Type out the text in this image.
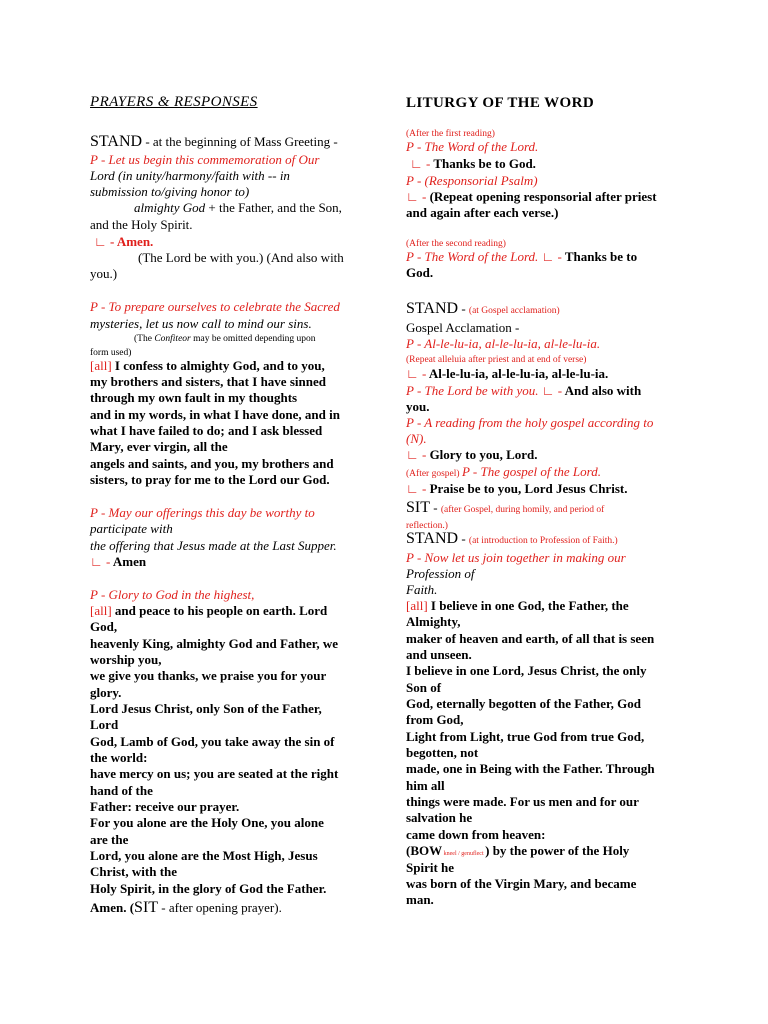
PRAYERS & RESPONSES
STAND - at the beginning of Mass Greeting -
P - Let us begin this commemoration of Our
Lord (in unity/harmony/faith with -- in
submission to/giving honor to)
almighty God + the Father, and the Son,
and the Holy Spirit.
∟ - Amen.
(The Lord be with you.) (And also with
you.)
P - To prepare ourselves to celebrate the Sacred
mysteries, let us now call to mind our sins.
(The Confiteor may be omitted depending upon
form used)
[all] I confess to almighty God, and to you,
my brothers and sisters, that I have sinned
through my own fault in my thoughts
and in my words, in what I have done, and in
what I have failed to do; and I ask blessed
Mary, ever virgin, all the
angels and saints, and you, my brothers and
sisters, to pray for me to the Lord our God.
P - May our offerings this day be worthy to
participate with
the offering that Jesus made at the Last Supper.
∟ - Amen
P - Glory to God in the highest,
[all] and peace to his people on earth. Lord
God,
heavenly King, almighty God and Father, we
worship you,
we give you thanks, we praise you for your
glory.
Lord Jesus Christ, only Son of the Father,
Lord
God, Lamb of God, you take away the sin of
the world:
have mercy on us; you are seated at the right
hand of the
Father: receive our prayer.
For you alone are the Holy One, you alone
are the
Lord, you alone are the Most High, Jesus
Christ, with the
Holy Spirit, in the glory of God the Father.
Amen. (SIT - after opening prayer).
LITURGY OF THE WORD
(After the first reading)
P - The Word of the Lord.
∟ - Thanks be to God.
P - (Responsorial Psalm)
∟ - (Repeat opening responsorial after priest
and again after each verse.)
(After the second reading)
P - The Word of the Lord. ∟ - Thanks be to
God.
STAND - (at Gospel acclamation)
Gospel Acclamation -
P - Al-le-lu-ia, al-le-lu-ia, al-le-lu-ia.
(Repeat alleluia after priest and at end of verse)
∟ - Al-le-lu-ia, al-le-lu-ia, al-le-lu-ia.
P - The Lord be with you. ∟ - And also with
you.
P - A reading from the holy gospel according to
(N).
∟ - Glory to you, Lord.
(After gospel) P - The gospel of the Lord.
∟ - Praise be to you, Lord Jesus Christ.
SIT - (after Gospel, during homily, and period of
reflection.)
STAND - (at introduction to Profession of Faith.)
P - Now let us join together in making our
Profession of
Faith.
[all] I believe in one God, the Father, the
Almighty,
maker of heaven and earth, of all that is seen
and unseen.
I believe in one Lord, Jesus Christ, the only
Son of
God, eternally begotten of the Father, God
from God,
Light from Light, true God from true God,
begotten, not
made, one in Being with the Father. Through
him all
things were made. For us men and for our
salvation he
came down from heaven:
(BOW kneel / genuflect ) by the power of the Holy
Spirit he
was born of the Virgin Mary, and became
man.
